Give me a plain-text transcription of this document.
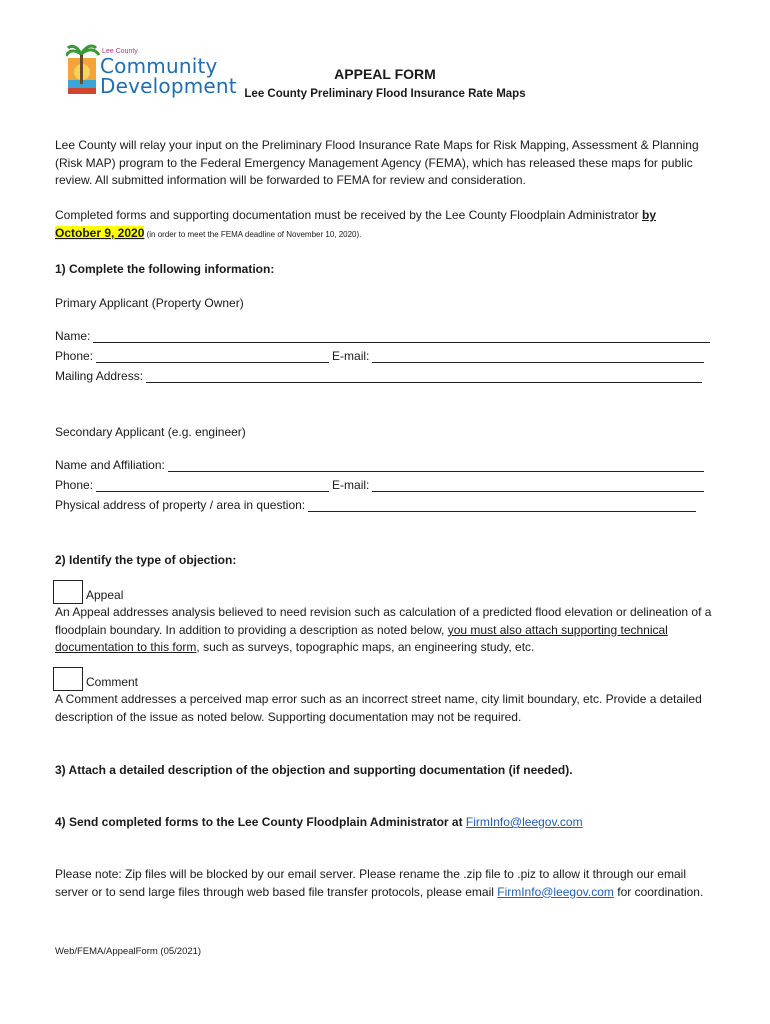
Lee County
Community
Development	APPEAL FORM
Lee County Preliminary Flood Insurance Rate Maps
Lee County will relay your input on the Preliminary Flood Insurance Rate Maps for Risk Mapping, Assessment & Planning (Risk MAP) program to the Federal Emergency Management Agency (FEMA), which has released these maps for public review. All submitted information will be forwarded to FEMA for review and consideration.
Completed forms and supporting documentation must be received by the Lee County Floodplain Administrator by
October 9, 2020 (in order to meet the FEMA deadline of November 10, 2020).
1) Complete the following information:
Primary Applicant (Property Owner)
Name:
Phone:	E-mail:
Mailing Address:
Secondary Applicant (e.g. engineer)
Name and Affiliation:
Phone:	E-mail:
Physical address of property / area in question:
2) Identify the type of objection:
Appeal
An Appeal addresses analysis believed to need revision such as calculation of a predicted flood elevation or delineation of a floodplain boundary. In addition to providing a description as noted below, you must also attach supporting technical documentation to this form, such as surveys, topographic maps, an engineering study, etc.
Comment
A Comment addresses a perceived map error such as an incorrect street name, city limit boundary, etc. Provide a detailed description of the issue as noted below. Supporting documentation may not be required.
3) Attach a detailed description of the objection and supporting documentation (if needed).
4) Send completed forms to the Lee County Floodplain Administrator at FirmInfo@leegov.com
Please note: Zip files will be blocked by our email server. Please rename the .zip file to .piz to allow it through our email server or to send large files through web based file transfer protocols, please email FirmInfo@leegov.com for coordination.
Web/FEMA/AppealForm (05/2021)
